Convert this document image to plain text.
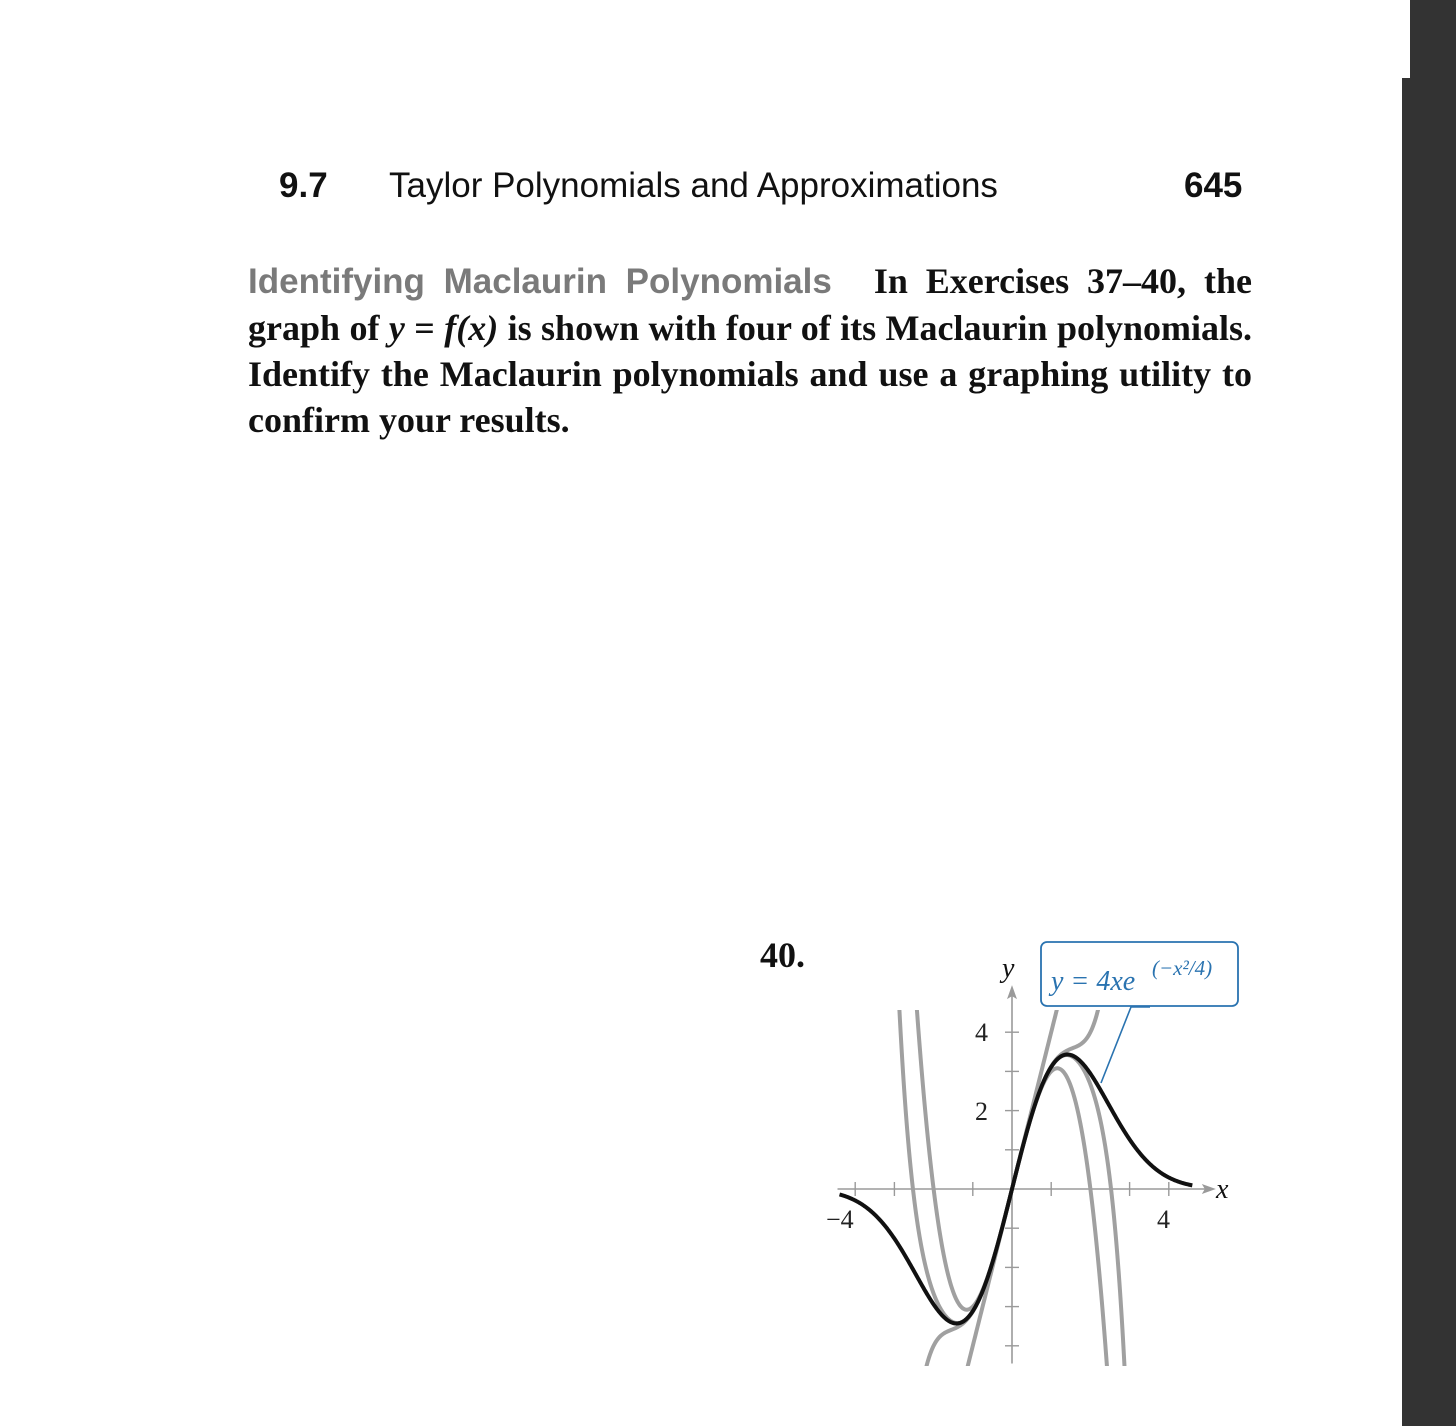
9.7 Taylor Polynomials and Approximations	645
Identifying Maclaurin Polynomials In Exercises 37–40, the graph of y = f(x) is shown with four of its Maclaurin polynomials. Identify the Maclaurin polynomials and use a graphing utility to confirm your results.
40.	y
x
4
2
−4	4
y = 4xe (−x²/4)
